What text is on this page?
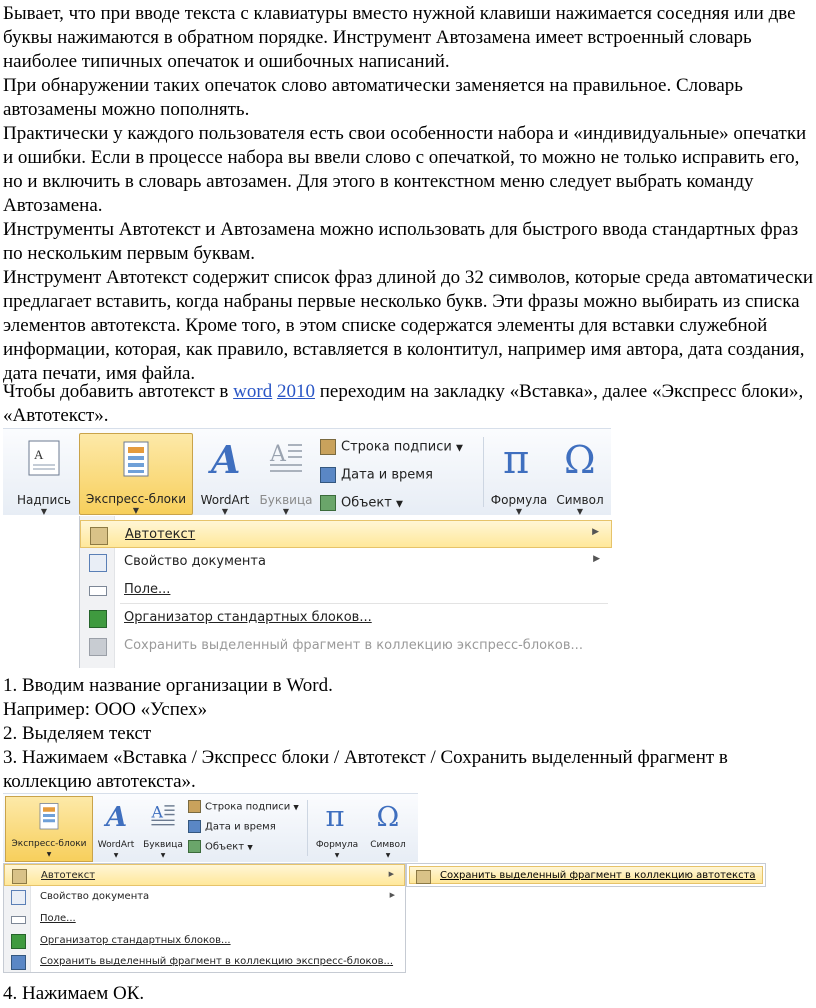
Бывает, что при вводе текста с клавиатуры вместо нужной клавиши нажимается соседняя или две буквы нажимаются в обратном порядке. Инструмент Автозамена имеет встроенный словарь наиболее типичных опечаток и ошибочных написаний.

При обнаружении таких опечаток слово автоматически заменяется на правильное. Словарь автозамены можно пополнять.

Практически у каждого пользователя есть свои особенности набора и «индивидуальные» опечатки и ошибки. Если в процессе набора вы ввели слово с опечаткой, то можно не только исправить его, но и включить в словарь автозамен. Для этого в контекстном меню следует выбрать команду Автозамена.

Инструменты Автотекст и Автозамена можно использовать для быстрого ввода стандартных фраз по нескольким первым буквам.

Инструмент Автотекст содержит список фраз длиной до 32 символов, которые среда автоматически предлагает вставить, когда набраны первые несколько букв. Эти фразы можно выбирать из списка элементов автотекста. Кроме того, в этом списке содержатся элементы для вставки служебной информации, которая, как правило, вставляется в колонтитул, например имя автора, дата создания, дата печати, имя файла.

Чтобы добавить автотекст в word 2010 переходим на закладку «Вставка», далее «Экспресс блоки», «Автотекст».

A
Надпись
▼
Экспресс-блоки
▼
A
WordArt
▼
A
Буквица
▼
Строка подписи ▼
Дата и время
Объект ▼
π
Формула
▼
Ω
Символ
▼
Автотекст	▶
Свойство документа	▶
Поле...
Организатор стандартных блоков...
Сохранить выделенный фрагмент в коллекцию экспресс-блоков...

1. Вводим название организации в Word.

Например: ООО «Успех»

2. Выделяем текст

3. Нажимаем «Вставка / Экспресс блоки / Автотекст / Сохранить выделенный фрагмент в коллекцию автотекста».

Экспресс-блоки
▼
A
WordArt
▼
A
Буквица
▼
Строка подписи ▼
Дата и время
Объект ▼
π
Формула
▼
Ω
Символ
▼
Автотекст	▶
Свойство документа	▶
Поле...
Организатор стандартных блоков...
Сохранить выделенный фрагмент в коллекцию экспресс-блоков...
Сохранить выделенный фрагмент в коллекцию автотекста

4. Нажимаем ОК.
